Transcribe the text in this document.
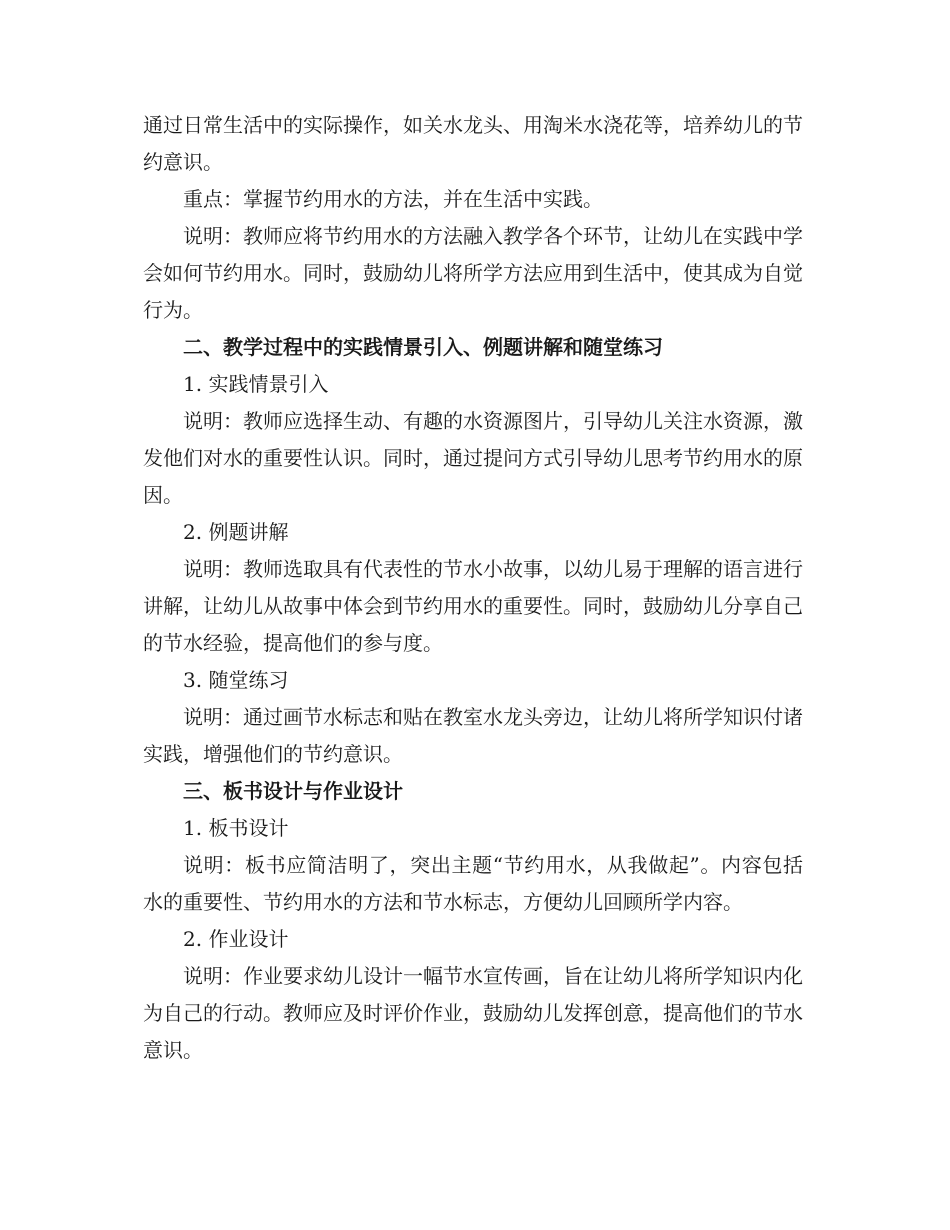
通过日常生活中的实际操作，如关水龙头、用淘米水浇花等，培养幼儿的节约意识。

重点：掌握节约用水的方法，并在生活中实践。

说明：教师应将节约用水的方法融入教学各个环节，让幼儿在实践中学会如何节约用水。同时，鼓励幼儿将所学方法应用到生活中，使其成为自觉行为。

二、教学过程中的实践情景引入、例题讲解和随堂练习

1. 实践情景引入

说明：教师应选择生动、有趣的水资源图片，引导幼儿关注水资源，激发他们对水的重要性认识。同时，通过提问方式引导幼儿思考节约用水的原因。

2. 例题讲解

说明：教师选取具有代表性的节水小故事，以幼儿易于理解的语言进行讲解，让幼儿从故事中体会到节约用水的重要性。同时，鼓励幼儿分享自己的节水经验，提高他们的参与度。

3. 随堂练习

说明：通过画节水标志和贴在教室水龙头旁边，让幼儿将所学知识付诸实践，增强他们的节约意识。

三、板书设计与作业设计

1. 板书设计

说明：板书应简洁明了，突出主题“节约用水，从我做起”。内容包括水的重要性、节约用水的方法和节水标志，方便幼儿回顾所学内容。

2. 作业设计

说明：作业要求幼儿设计一幅节水宣传画，旨在让幼儿将所学知识内化为自己的行动。教师应及时评价作业，鼓励幼儿发挥创意，提高他们的节水意识。
